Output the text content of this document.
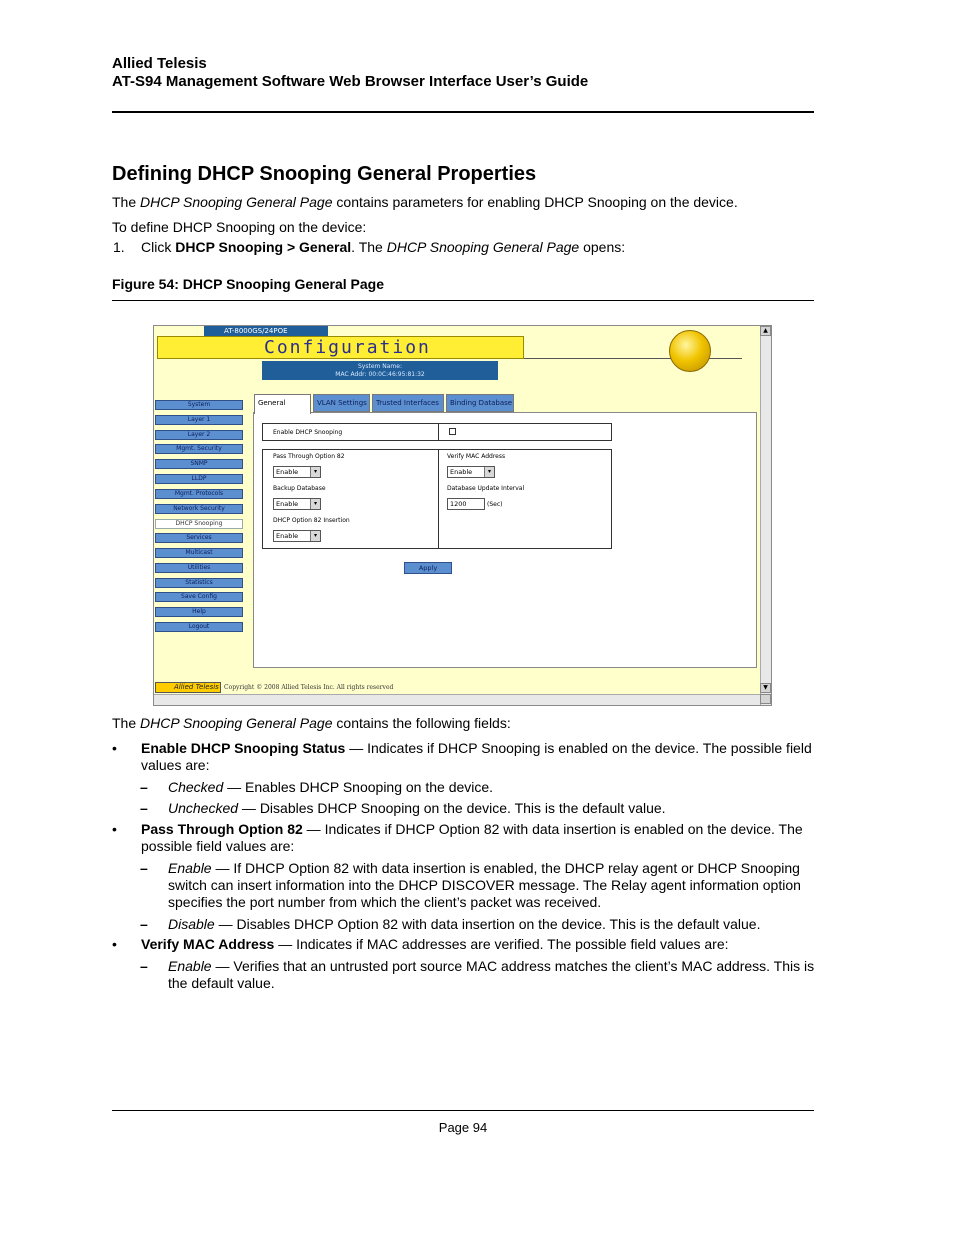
Allied Telesis
AT-S94 Management Software Web Browser Interface User’s Guide
Defining DHCP Snooping General Properties
The DHCP Snooping General Page contains parameters for enabling DHCP Snooping on the device.
To define DHCP Snooping on the device:
1. Click DHCP Snooping > General. The DHCP Snooping General Page opens:
Figure 54: DHCP Snooping General Page
AT-8000GS/24POE
Configuration
System Name:
MAC Addr: 00:0C:46:95:81:32
System
Layer 1
Layer 2
Mgmt. Security
SNMP
LLDP
Mgmt. Protocols
Network Security
DHCP Snooping
Services
Multicast
Utilities
Statistics
Save Config
Help
Logout
General	VLAN Settings	Trusted Interfaces	Binding Database
Enable DHCP Snooping
Pass Through Option 82
Enable	▾
Backup Database
Enable	▾
DHCP Option 82 Insertion
Enable	▾
Verify MAC Address
Enable	▾
Database Update Interval
1200	(Sec)
Apply
Allied Telesis Copyright © 2008 Allied Telesis Inc. All rights reserved
▲
▼
The DHCP Snooping General Page contains the following fields:
• Enable DHCP Snooping Status — Indicates if DHCP Snooping is enabled on the device. The possible field values are:
– Checked — Enables DHCP Snooping on the device.
– Unchecked — Disables DHCP Snooping on the device. This is the default value.
• Pass Through Option 82 — Indicates if DHCP Option 82 with data insertion is enabled on the device. The possible field values are:
– Enable — If DHCP Option 82 with data insertion is enabled, the DHCP relay agent or DHCP Snooping switch can insert information into the DHCP DISCOVER message. The Relay agent information option specifies the port number from which the client’s packet was received.
– Disable — Disables DHCP Option 82 with data insertion on the device. This is the default value.
• Verify MAC Address — Indicates if MAC addresses are verified. The possible field values are:
– Enable — Verifies that an untrusted port source MAC address matches the client’s MAC address. This is the default value.
Page 94
